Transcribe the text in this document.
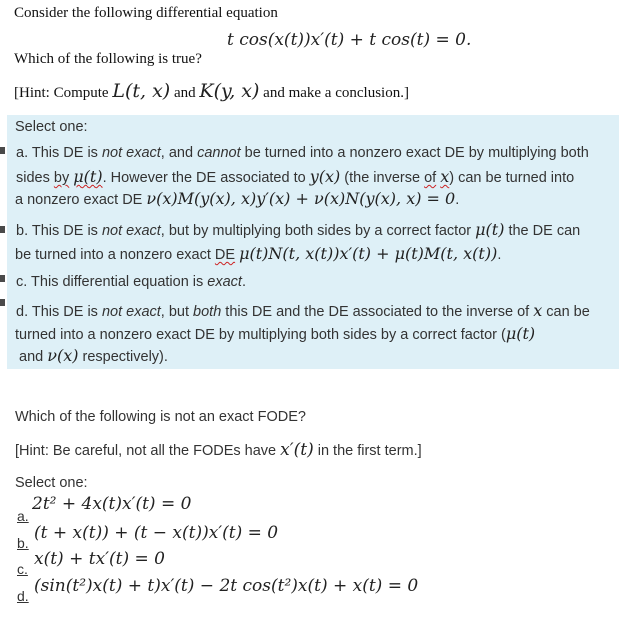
Consider the following differential equation
t cos(x(t))x′(t) + t cos(t) = 0.
Which of the following is true?
[Hint: Compute L(t, x) and K(y, x) and make a conclusion.]
Select one:
a. This DE is not exact, and cannot be turned into a nonzero exact DE by multiplying both
sides by μ(t). However the DE associated to y(x) (the inverse of x) can be turned into
a nonzero exact DE ν(x)M(y(x), x)y′(x) + ν(x)N(y(x), x) = 0.
b. This DE is not exact, but by multiplying both sides by a correct factor μ(t) the DE can
be turned into a nonzero exact DE μ(t)N(t, x(t))x′(t) + μ(t)M(t, x(t)).
c. This differential equation is exact.
d. This DE is not exact, but both this DE and the DE associated to the inverse of x can be
turned into a nonzero exact DE by multiplying both sides by a correct factor (μ(t)
and ν(x) respectively).
Which of the following is not an exact FODE?
[Hint: Be careful, not all the FODEs have x′(t) in the first term.]
Select one:
a.
2t² + 4x(t)x′(t) = 0
b. (t + x(t)) + (t − x(t))x′(t) = 0
c. x(t) + tx′(t) = 0
d. (sin(t²)x(t) + t)x′(t) − 2t cos(t²)x(t) + x(t) = 0
